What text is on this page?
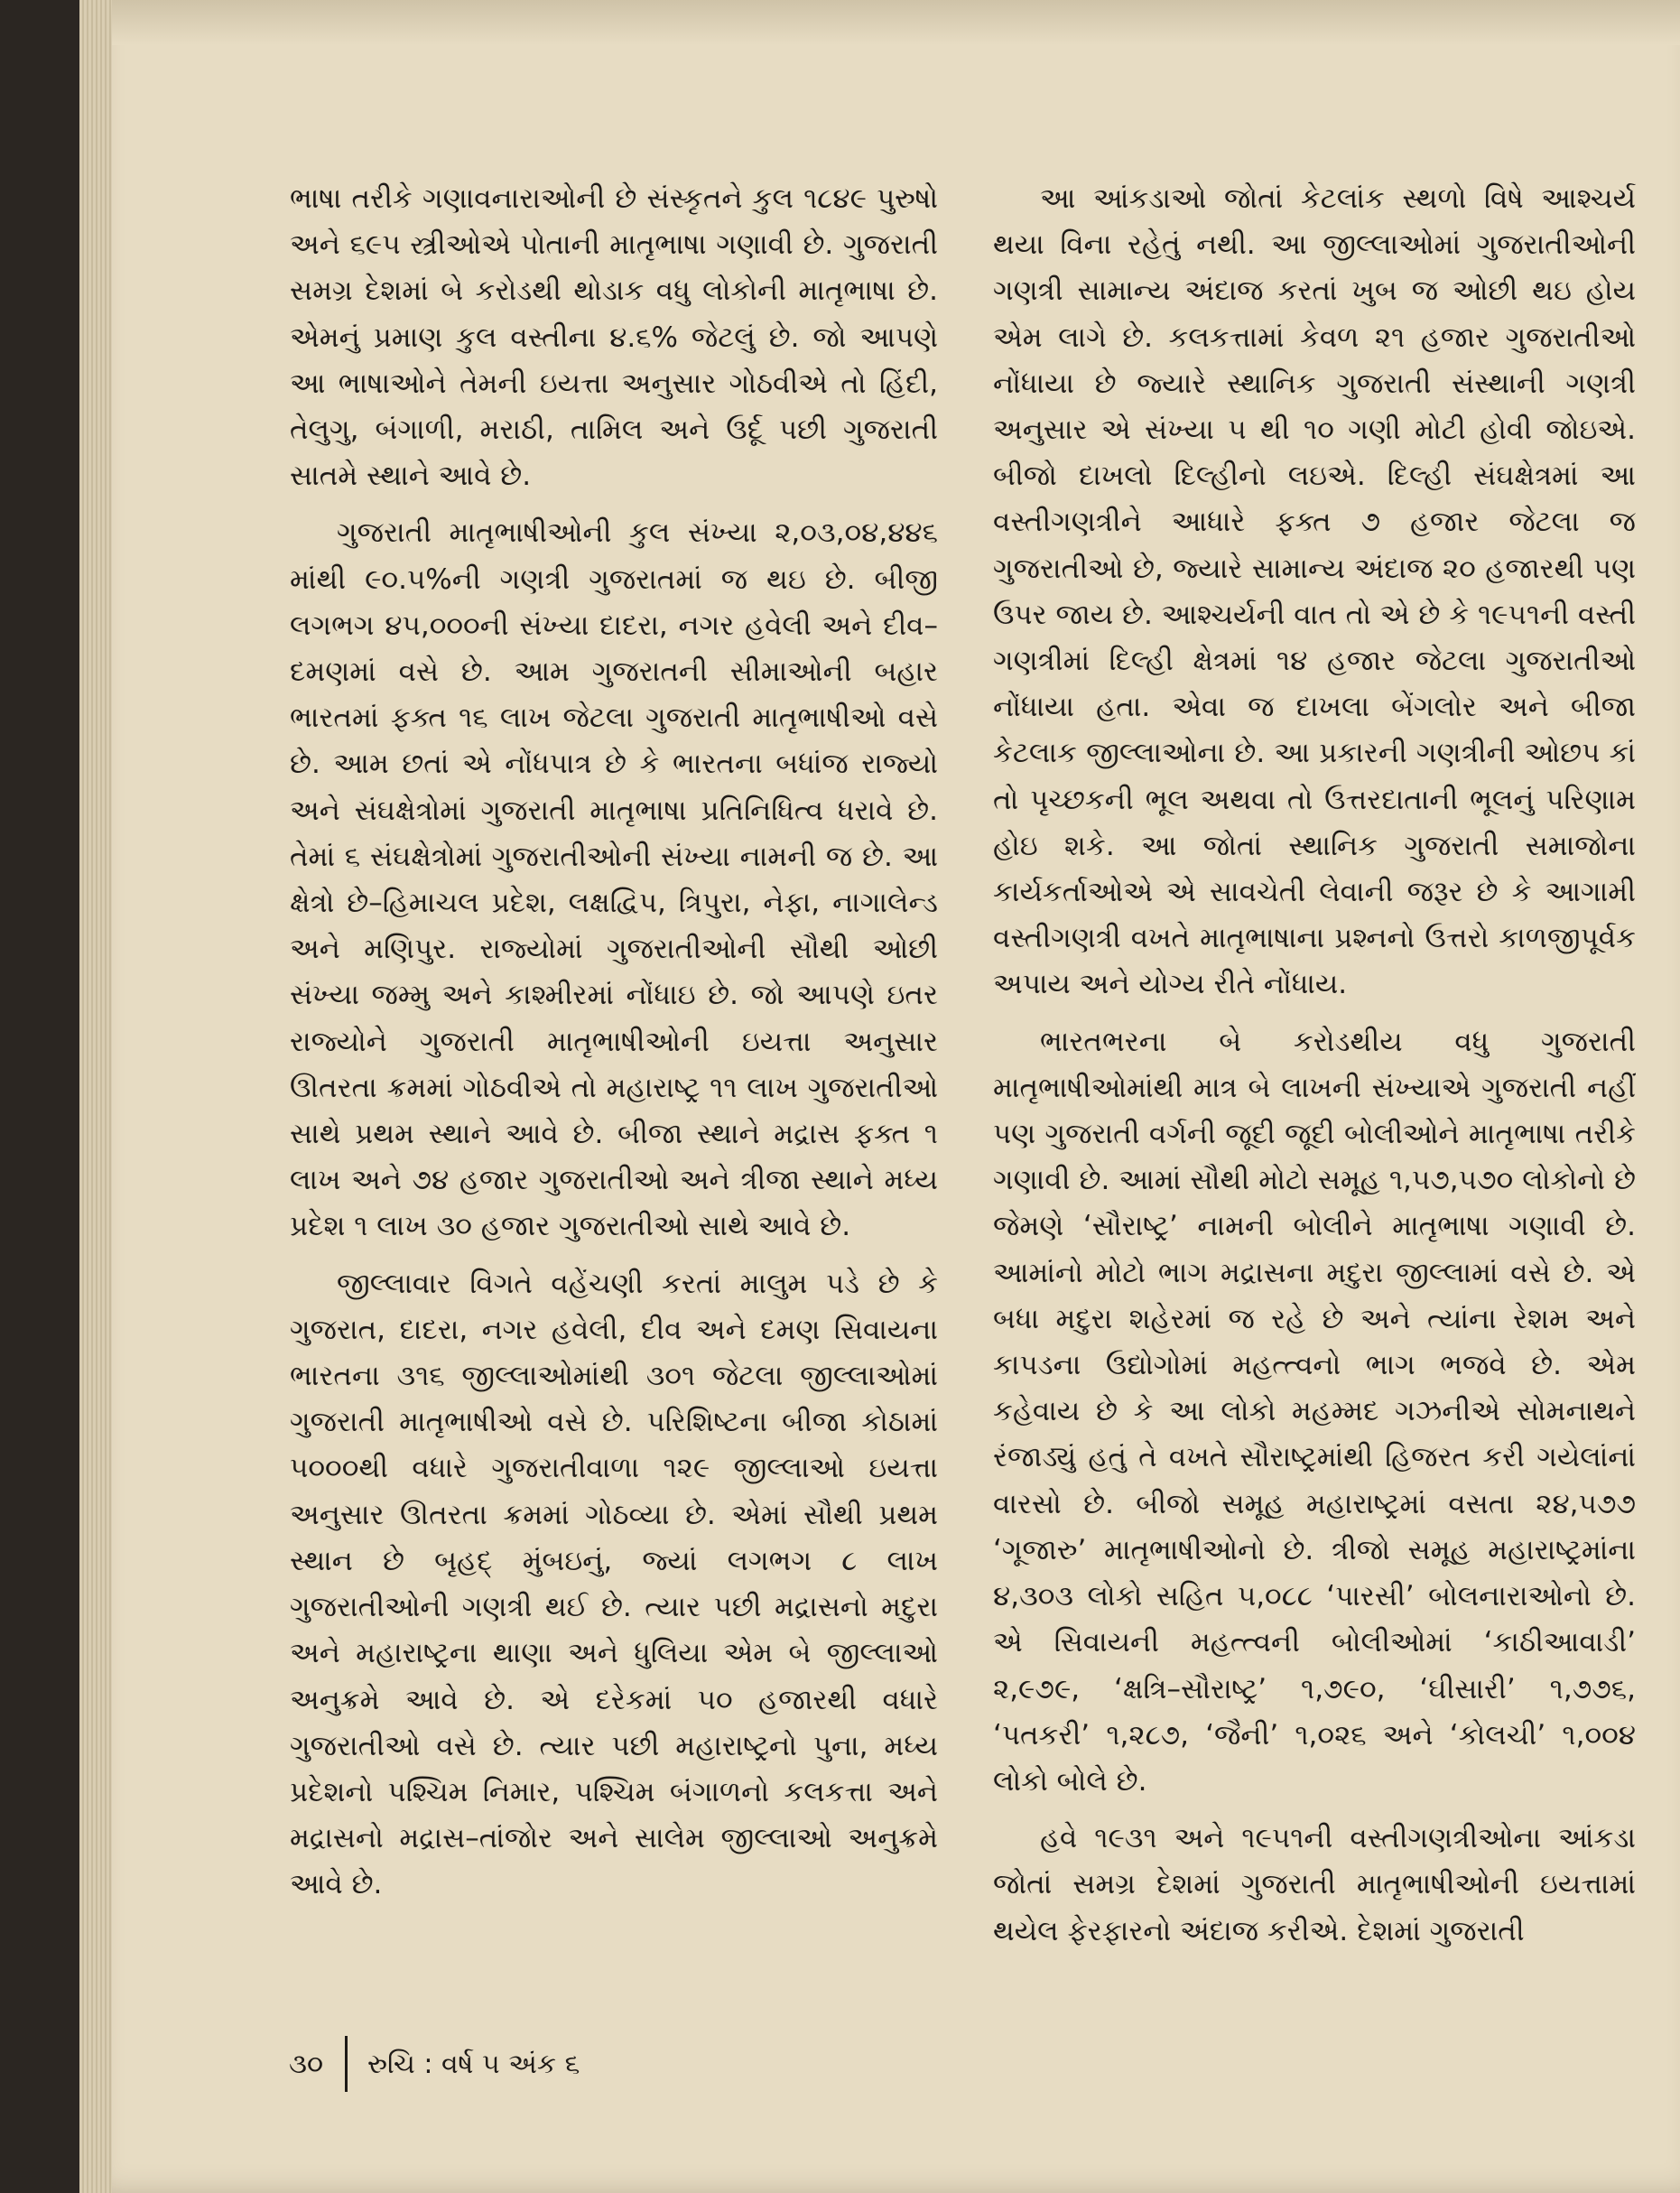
ભાષા તરીકે ગણાવનારાઓની છે સંસ્કૃતને કુલ ૧૮૪૯ પુરુષો અને ૬૯૫ સ્ત્રીઓએ પોતાની માતૃભાષા ગણાવી છે. ગુજરાતી સમગ્ર દેશમાં બે કરોડથી થોડાક વધુ લોકોની માતૃભાષા છે. એમનું પ્રમાણ કુલ વસ્તીના ૪.૬% જેટલું છે. જો આપણે આ ભાષાઓને તેમની ઇયત્તા અનુસાર ગોઠવીએ તો હિંદી, તેલુગુ, બંગાળી, મરાઠી, તામિલ અને ઉર્દૂ પછી ગુજરાતી સાતમે સ્થાને આવે છે.

ગુજરાતી માતૃભાષીઓની કુલ સંખ્યા ૨,૦૩,૦૪,૪૪૬ માંથી ૯૦.૫%ની ગણત્રી ગુજરાતમાં જ થઇ છે. બીજી લગભગ ૪૫,૦૦૦ની સંખ્યા દાદરા, નગર હવેલી અને દીવ–દમણમાં વસે છે. આમ ગુજરાતની સીમાઓની બહાર ભારતમાં ફક્ત ૧૬ લાખ જેટલા ગુજરાતી માતૃભાષીઓ વસે છે. આમ છતાં એ નોંધપાત્ર છે કે ભારતના બધાંજ રાજ્યો અને સંઘક્ષેત્રોમાં ગુજરાતી માતૃભાષા પ્રતિનિધિત્વ ધરાવે છે. તેમાં ૬ સંઘક્ષેત્રોમાં ગુજરાતીઓની સંખ્યા નામની જ છે. આ ક્ષેત્રો છે–હિમાચલ પ્રદેશ, લક્ષદ્વિપ, ત્રિપુરા, નેફા, નાગાલેન્ડ અને મણિપુર. રાજ્યોમાં ગુજરાતીઓની સૌથી ઓછી સંખ્યા જમ્મુ અને કાશ્મીરમાં નોંધાઇ છે. જો આપણે ઇતર રાજ્યોને ગુજરાતી માતૃભાષીઓની ઇયત્તા અનુસાર ઊતરતા ક્રમમાં ગોઠવીએ તો મહારાષ્ટ્ર ૧૧ લાખ ગુજરાતીઓ સાથે પ્રથમ સ્થાને આવે છે. બીજા સ્થાને મદ્રાસ ફક્ત ૧ લાખ અને ૭૪ હજાર ગુજરાતીઓ અને ત્રીજા સ્થાને મધ્ય પ્રદેશ ૧ લાખ ૩૦ હજાર ગુજરાતીઓ સાથે આવે છે.

જીલ્લાવાર વિગતે વહેંચણી કરતાં માલુમ પડે છે કે ગુજરાત, દાદરા, નગર હવેલી, દીવ અને દમણ સિવાયના ભારતના ૩૧૬ જીલ્લાઓમાંથી ૩૦૧ જેટલા જીલ્લાઓમાં ગુજરાતી માતૃભાષીઓ વસે છે. પરિશિષ્ટના બીજા કોઠામાં ૫૦૦૦થી વધારે ગુજરાતીવાળા ૧૨૯ જીલ્લાઓ ઇયત્તા અનુસાર ઊતરતા ક્રમમાં ગોઠવ્યા છે. એમાં સૌથી પ્રથમ સ્થાન છે બૃહદ્ મુંબઇનું, જ્યાં લગભગ ૮ લાખ ગુજરાતીઓની ગણત્રી થઈ છે. ત્યાર પછી મદ્રાસનો મદુરા અને મહારાષ્ટ્રના થાણા અને ધુલિયા એમ બે જીલ્લાઓ અનુક્રમે આવે છે. એ દરેકમાં ૫૦ હજારથી વધારે ગુજરાતીઓ વસે છે. ત્યાર પછી મહારાષ્ટ્રનો પુના, મધ્ય પ્રદેશનો પશ્ચિમ નિમાર, પશ્ચિમ બંગાળનો કલકત્તા અને મદ્રાસનો મદ્રાસ–તાંજોર અને સાલેમ જીલ્લાઓ અનુક્રમે આવે છે.

આ આંકડાઓ જોતાં કેટલાંક સ્થળો વિષે આશ્ચર્ય થયા વિના રહેતું નથી. આ જીલ્લાઓમાં ગુજરાતીઓની ગણત્રી સામાન્ય અંદાજ કરતાં ખુબ જ ઓછી થઇ હોય એમ લાગે છે. કલકત્તામાં કેવળ ૨૧ હજાર ગુજરાતીઓ નોંધાયા છે જ્યારે સ્થાનિક ગુજરાતી સંસ્થાની ગણત્રી અનુસાર એ સંખ્યા ૫ થી ૧૦ ગણી મોટી હોવી જોઇએ. બીજો દાખલો દિલ્હીનો લઇએ. દિલ્હી સંઘક્ષેત્રમાં આ વસ્તીગણત્રીને આધારે ફક્ત ૭ હજાર જેટલા જ ગુજરાતીઓ છે, જ્યારે સામાન્ય અંદાજ ૨૦ હજારથી પણ ઉપર જાય છે. આશ્ચર્યની વાત તો એ છે કે ૧૯૫૧ની વસ્તી ગણત્રીમાં દિલ્હી ક્ષેત્રમાં ૧૪ હજાર જેટલા ગુજરાતીઓ નોંધાયા હતા. એવા જ દાખલા બેંગલોર અને બીજા કેટલાક જીલ્લાઓના છે. આ પ્રકારની ગણત્રીની ઓછપ કાં તો પૃચ્છકની ભૂલ અથવા તો ઉત્તરદાતાની ભૂલનું પરિણામ હોઇ શકે. આ જોતાં સ્થાનિક ગુજરાતી સમાજોના કાર્યકર્તાઓએ એ સાવચેતી લેવાની જરૂર છે કે આગામી વસ્તીગણત્રી વખતે માતૃભાષાના પ્રશ્નનો ઉત્તરો કાળજીપૂર્વક અપાય અને યોગ્ય રીતે નોંધાય.

ભારતભરના બે કરોડથીય વધુ ગુજરાતી માતૃભાષીઓમાંથી માત્ર બે લાખની સંખ્યાએ ગુજરાતી નહીં પણ ગુજરાતી વર્ગની જૂદી જૂદી બોલીઓને માતૃભાષા તરીકે ગણાવી છે. આમાં સૌથી મોટો સમૂહ ૧,૫૭,૫૭૦ લોકોનો છે જેમણે ‘સૌરાષ્ટ્ર’ નામની બોલીને માતૃભાષા ગણાવી છે. આમાંનો મોટો ભાગ મદ્રાસના મદુરા જીલ્લામાં વસે છે. એ બધા મદુરા શહેરમાં જ રહે છે અને ત્યાંના રેશમ અને કાપડના ઉદ્યોગોમાં મહત્ત્વનો ભાગ ભજવે છે. એમ કહેવાય છે કે આ લોકો મહમ્મદ ગઝનીએ સોમનાથને રંજાડ્યું હતું તે વખતે સૌરાષ્ટ્રમાંથી હિજરત કરી ગયેલાંનાં વારસો છે. બીજો સમૂહ મહારાષ્ટ્રમાં વસતા ૨૪,૫૭૭ ‘ગૂજારુ’ માતૃભાષીઓનો છે. ત્રીજો સમૂહ મહારાષ્ટ્રમાંના ૪,૩૦૩ લોકો સહિત ૫,૦૮૮ ‘પારસી’ બોલનારાઓનો છે. એ સિવાયની મહત્ત્વની બોલીઓમાં ‘કાઠીઆવાડી’ ૨,૯૭૯, ‘ક્ષત્રિ–સૌરાષ્ટ્ર’ ૧,૭૯૦, ‘ઘીસારી’ ૧,૭૭૬, ‘પતકરી’ ૧,૨૮૭, ‘જૈની’ ૧,૦૨૬ અને ‘કોલચી’ ૧,૦૦૪ લોકો બોલે છે.

હવે ૧૯૩૧ અને ૧૯૫૧ની વસ્તીગણત્રીઓના આંકડા જોતાં સમગ્ર દેશમાં ગુજરાતી માતૃભાષીઓની ઇયત્તામાં થયેલ ફેરફારનો અંદાજ કરીએ. દેશમાં ગુજરાતી

૩૦ રુચિ : વર્ષ ૫ અંક ૬
